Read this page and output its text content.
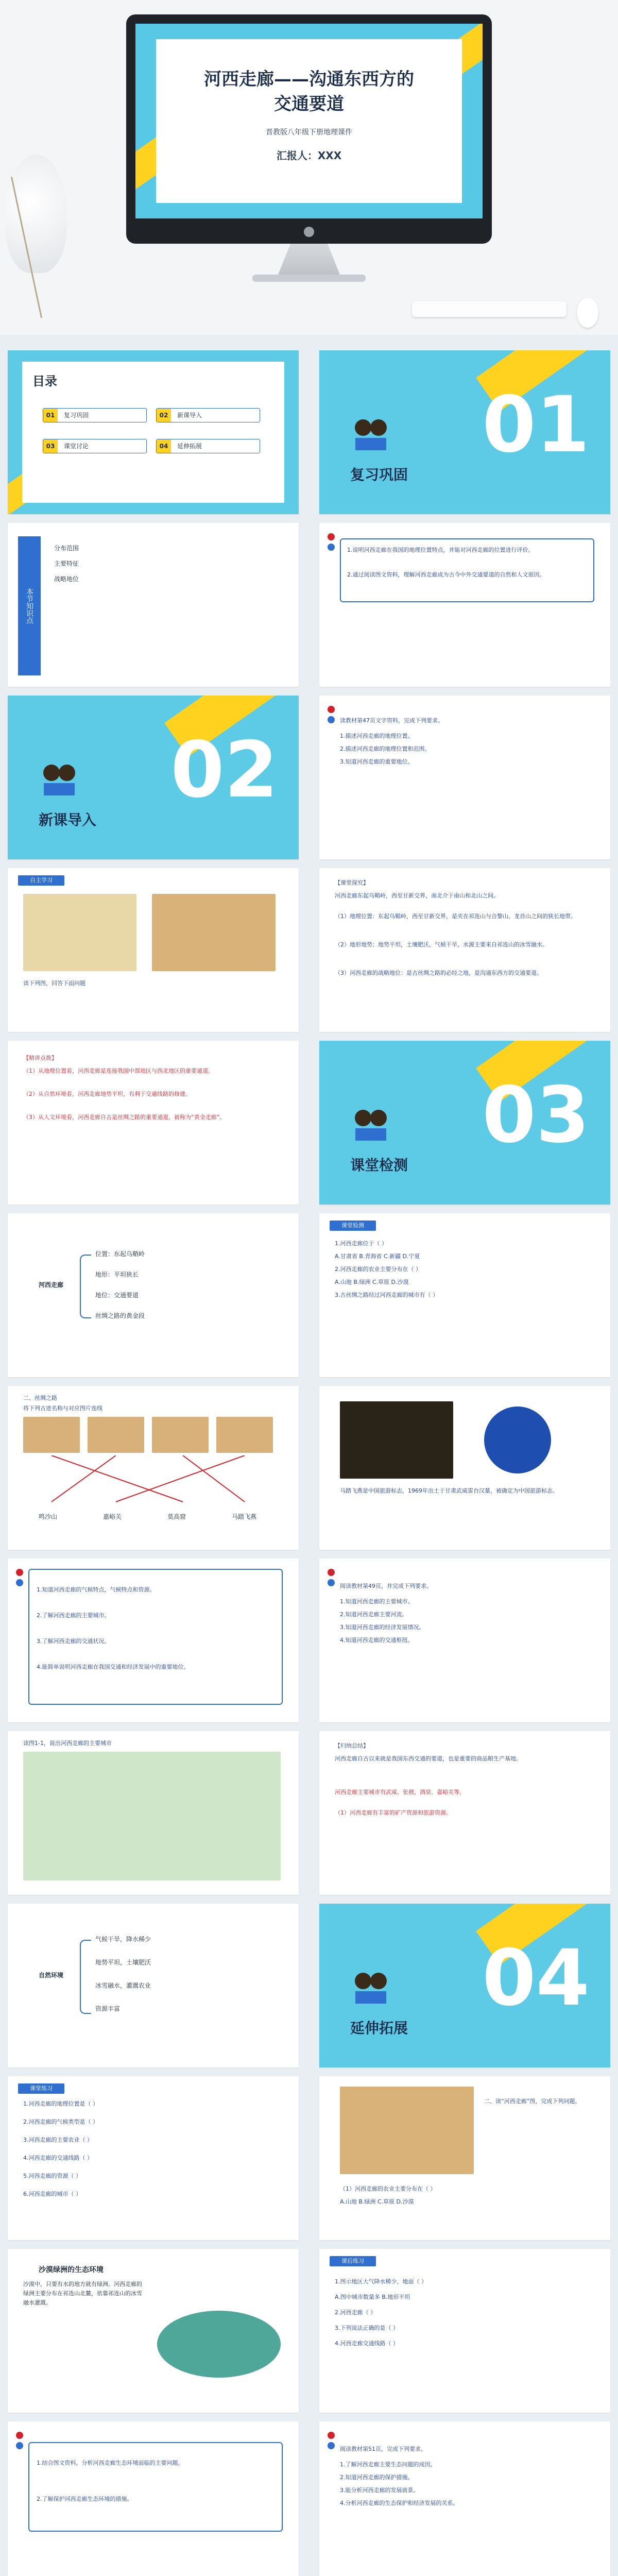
河西走廊——沟通东西方的
交通要道
晋教版八年级下册地理课件
汇报人：XXX
目录
01	复习巩固	02	新课导入
03	课堂讨论	04	延伸拓展
复习巩固
01
本节知识点
分布范围
主要特征
战略地位
1.说明河西走廊在我国的地理位置特点，并能对河西走廊的位置进行评价。
2.通过阅读图文资料，理解河西走廊成为古今中外交通要道的自然和人文原因。
新课导入
02
读教材第47页文字资料，完成下列要求。
1.描述河西走廊的地理位置。
2.描述河西走廊的地理位置和范围。
3.知道河西走廊的重要地位。
自主学习
读下列图，回答下面问题
【课堂探究】
河西走廊东起乌鞘岭，西至甘新交界，南北介于南山和北山之间。
（1）地理位置：东起乌鞘岭，西至甘新交界，是夹在祁连山与合黎山、龙首山之间的狭长地带。
（2）地形地势：地势平坦，土壤肥沃，气候干旱，水源主要来自祁连山的冰雪融水。
（3）河西走廊的战略地位：是古丝绸之路的必经之地，是沟通东西方的交通要道。
【精讲点拨】
（1）从地理位置看，河西走廊是连接我国中部地区与西北地区的重要通道。
（2）从自然环境看，河西走廊地势平坦，有利于交通线路的修建。
（3）从人文环境看，河西走廊自古是丝绸之路的重要通道，被称为“黄金走廊”。
课堂检测
03
河西走廊
位置：东起乌鞘岭
地形：平坦狭长
地位：交通要道
丝绸之路的黄金段
课堂检测
1.河西走廊位于（ ）
A.甘肃省 B.青海省 C.新疆 D.宁夏
2.河西走廊的农业主要分布在（ ）
A.山地 B.绿洲 C.草原 D.沙漠
3.古丝绸之路经过河西走廊的城市有（ ）
二、丝绸之路
将下列古迹名称与对应图片连线
鸣沙山	嘉峪关	莫高窟	马踏飞燕
马踏飞燕是中国旅游标志，1969年出土于甘肃武威雷台汉墓，被确定为中国旅游标志。
1.知道河西走廊的气候特点，气候特点和资源。
2.了解河西走廊的主要城市。
3.了解河西走廊的交通状况。
4.能简单说明河西走廊在我国交通和经济发展中的重要地位。
阅读教材第49页，并完成下列要求。
1.知道河西走廊的主要城市。
2.知道河西走廊主要河流。
3.知道河西走廊的经济发展情况。
4.知道河西走廊的交通枢纽。
读图1-1，说出河西走廊的主要城市	【归纳总结】
河西走廊自古以来就是我国东西交通的要道，也是重要的商品粮生产基地。
河西走廊主要城市有武威、张掖、酒泉、嘉峪关等。
（1）河西走廊有丰富的矿产资源和旅游资源。
自然环境
气候干旱，降水稀少
地势平坦，土壤肥沃
冰雪融水，灌溉农业
资源丰富
延伸拓展
04
课堂练习
1.河西走廊的地理位置是（ ）
2.河西走廊的气候类型是（ ）
3.河西走廊的主要农业（ ）
4.河西走廊的交通线路（ ）
5.河西走廊的资源（ ）
6.河西走廊的城市（ ）
二、读“河西走廊”图，完成下列问题。
（1）河西走廊的农业主要分布在（ ）
A.山地 B.绿洲 C.草原 D.沙漠
沙漠绿洲的生态环境
沙漠中，只要有水的地方就有绿洲。河西走廊的绿洲主要分布在祁连山北麓，依靠祁连山的冰雪融水灌溉。
课后练习
1.图示地区大气降水稀少，地面（ ）
A.图中城市数量多 B.地形平坦
2.河西走廊（ ）
3.下列说法正确的是（ ）
4.河西走廊交通线路（ ）
1.结合图文资料，分析河西走廊生态环境面临的主要问题。
2.了解保护河西走廊生态环境的措施。
阅读教材第51页，完成下列要求。
1.了解河西走廊主要生态问题的成因。
2.知道河西走廊的保护措施。
3.能分析河西走廊的发展前景。
4.分析河西走廊的生态保护和经济发展的关系。
